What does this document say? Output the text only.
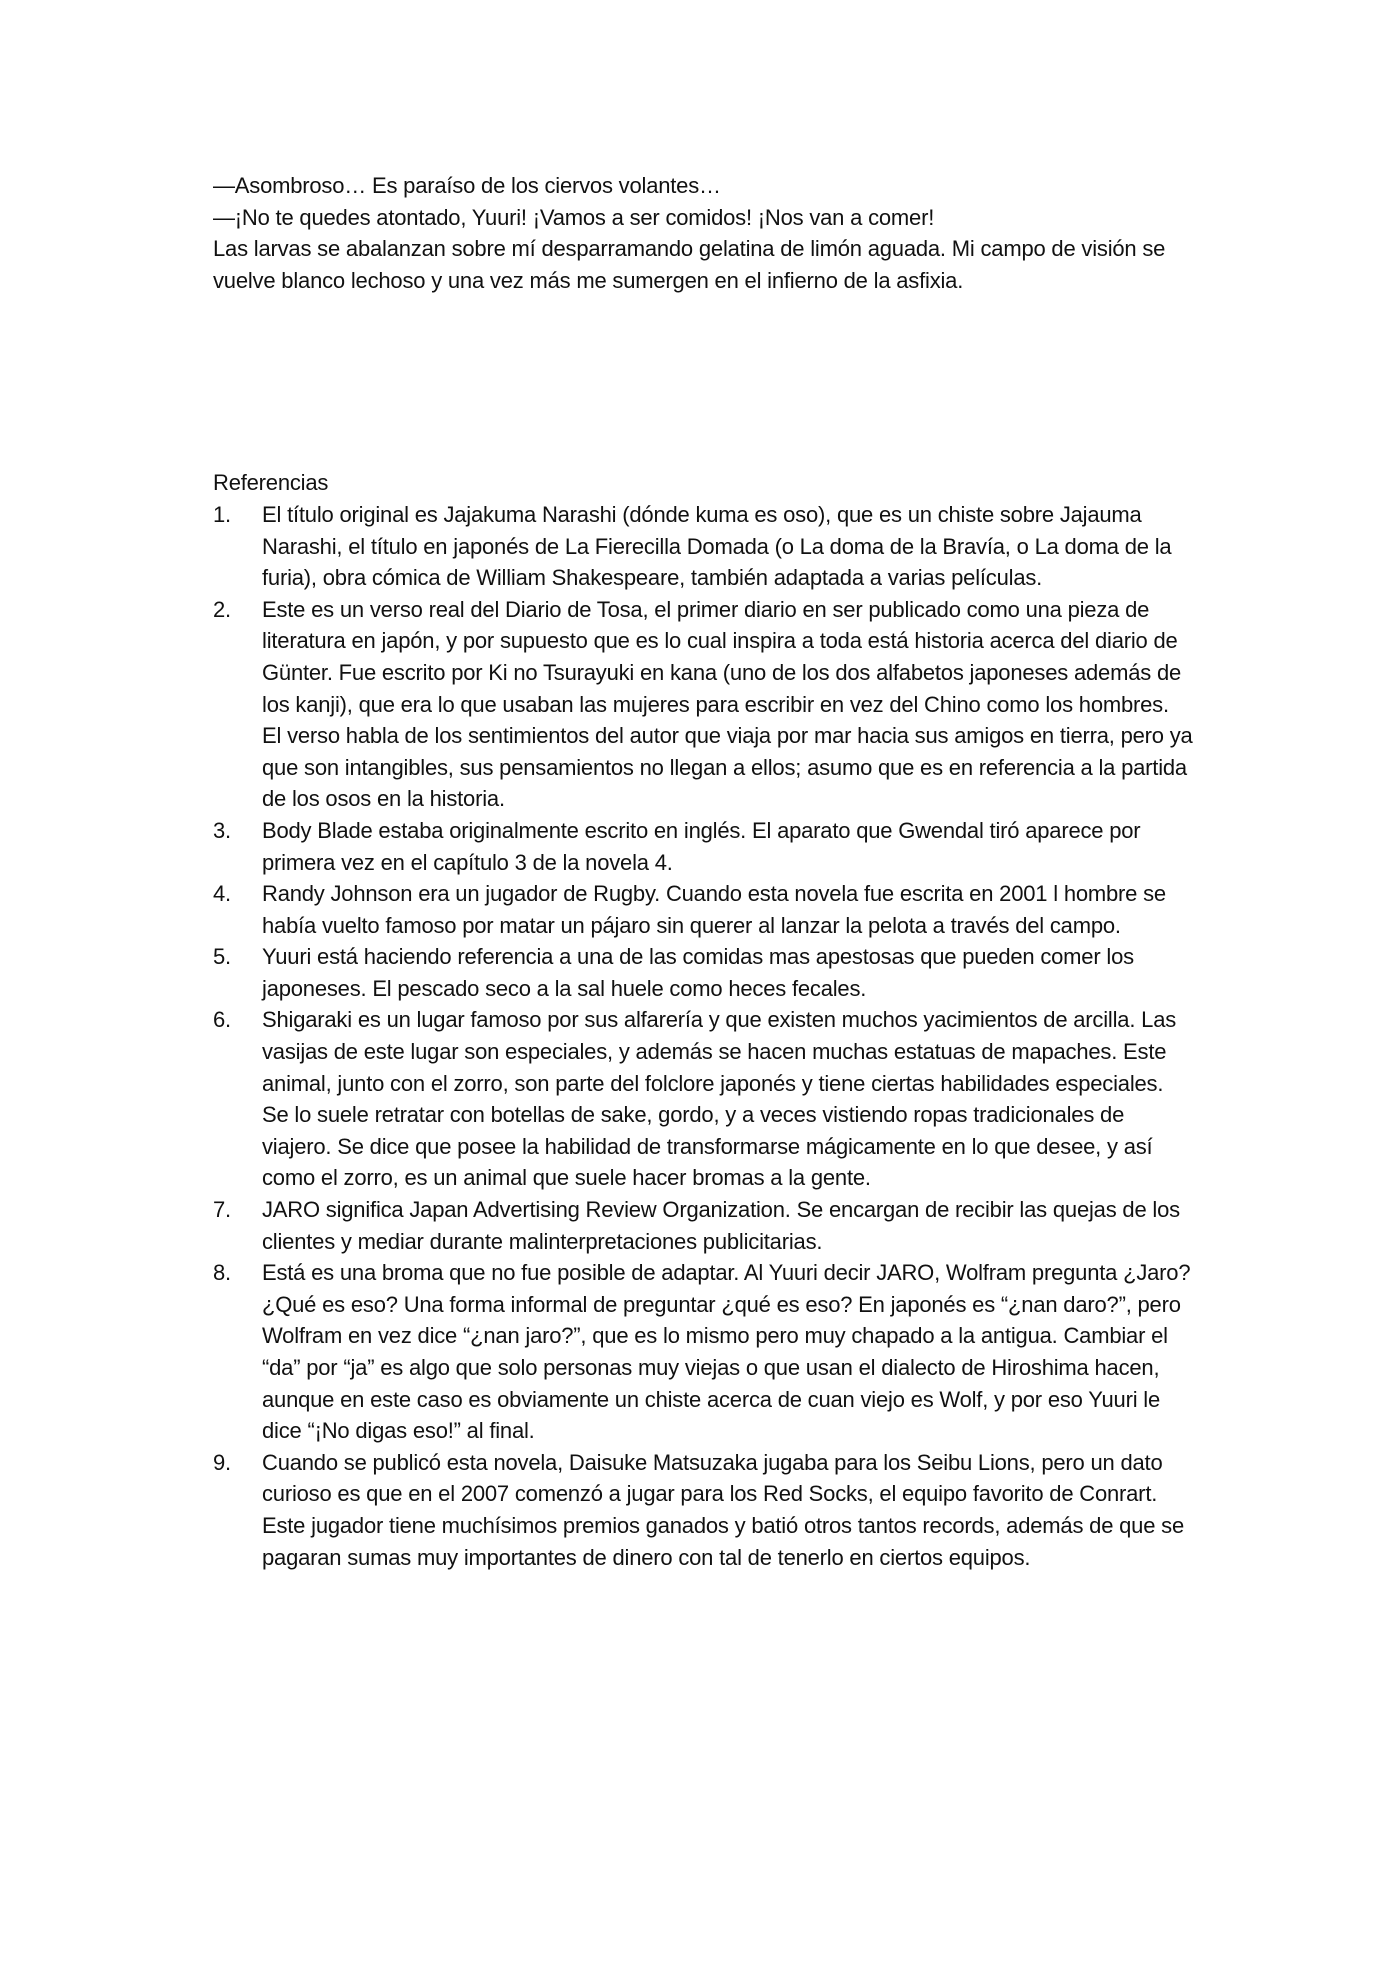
—Asombroso… Es paraíso de los ciervos volantes…

—¡No te quedes atontado, Yuuri! ¡Vamos a ser comidos! ¡Nos van a comer!

Las larvas se abalanzan sobre mí desparramando gelatina de limón aguada. Mi campo de visión se vuelve blanco lechoso y una vez más me sumergen en el infierno de la asfixia.

Referencias

1.	El título original es Jajakuma Narashi (dónde kuma es oso), que es un chiste sobre Jajauma Narashi, el título en japonés de La Fierecilla Domada (o La doma de la Bravía, o La doma de la furia), obra cómica de William Shakespeare, también adaptada a varias películas.

2.	Este es un verso real del Diario de Tosa, el primer diario en ser publicado como una pieza de literatura en japón, y por supuesto que es lo cual inspira a toda está historia acerca del diario de Günter. Fue escrito por Ki no Tsurayuki en kana (uno de los dos alfabetos japoneses además de los kanji), que era lo que usaban las mujeres para escribir en vez del Chino como los hombres. El verso habla de los sentimientos del autor que viaja por mar hacia sus amigos en tierra, pero ya que son intangibles, sus pensamientos no llegan a ellos; asumo que es en referencia a la partida de los osos en la historia.

3.	Body Blade estaba originalmente escrito en inglés. El aparato que Gwendal tiró aparece por primera vez en el capítulo 3 de la novela 4.

4.	Randy Johnson era un jugador de Rugby. Cuando esta novela fue escrita en 2001 l hombre se había vuelto famoso por matar un pájaro sin querer al lanzar la pelota a través del campo.

5.	Yuuri está haciendo referencia a una de las comidas mas apestosas que pueden comer los japoneses. El pescado seco a la sal huele como heces fecales.

6.	Shigaraki es un lugar famoso por sus alfarería y que existen muchos yacimientos de arcilla. Las vasijas de este lugar son especiales, y además se hacen muchas estatuas de mapaches. Este animal, junto con el zorro, son parte del folclore japonés y tiene ciertas habilidades especiales. Se lo suele retratar con botellas de sake, gordo, y a veces vistiendo ropas tradicionales de viajero. Se dice que posee la habilidad de transformarse mágicamente en lo que desee, y así como el zorro, es un animal que suele hacer bromas a la gente.

7.	JARO significa Japan Advertising Review Organization. Se encargan de recibir las quejas de los clientes y mediar durante malinterpretaciones publicitarias.

8.	Está es una broma que no fue posible de adaptar. Al Yuuri decir JARO, Wolfram pregunta ¿Jaro? ¿Qué es eso? Una forma informal de preguntar ¿qué es eso? En japonés es “¿nan daro?”, pero Wolfram en vez dice “¿nan jaro?”, que es lo mismo pero muy chapado a la antigua. Cambiar el “da” por “ja” es algo que solo personas muy viejas o que usan el dialecto de Hiroshima hacen, aunque en este caso es obviamente un chiste acerca de cuan viejo es Wolf, y por eso Yuuri le dice “¡No digas eso!” al final.

9.	Cuando se publicó esta novela, Daisuke Matsuzaka jugaba para los Seibu Lions, pero un dato curioso es que en el 2007 comenzó a jugar para los Red Socks, el equipo favorito de Conrart. Este jugador tiene muchísimos premios ganados y batió otros tantos records, además de que se pagaran sumas muy importantes de dinero con tal de tenerlo en ciertos equipos.
